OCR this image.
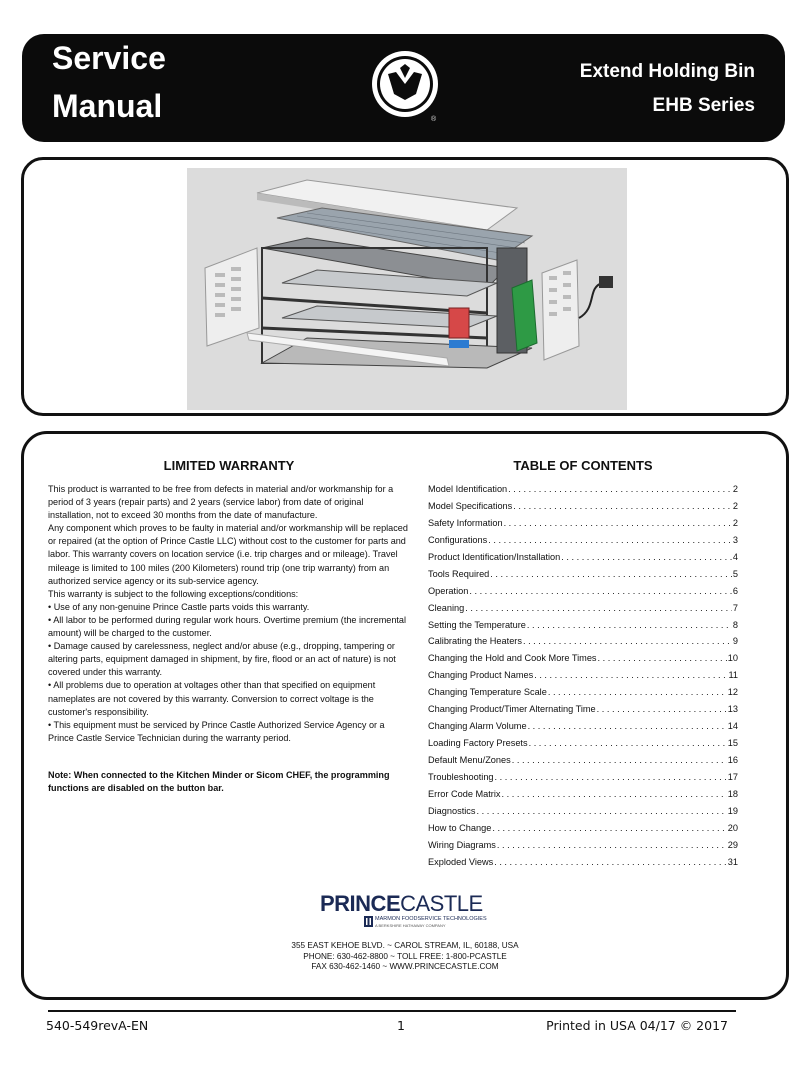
Service
Manual	®
Extend Holding Bin
EHB Series
LIMITED WARRANTY

This product is warranted to be free from defects in material and/or workmanship for a period of 3 years (repair parts) and 2 years (service labor) from date of original installation, not to exceed 30 months from the date of manufacture.

Any component which proves to be faulty in material and/or workmanship will be replaced or repaired (at the option of Prince Castle LLC) without cost to the customer for parts and labor. This warranty covers on location service (i.e. trip charges and or mileage). Travel mileage is limited to 100 miles (200 Kilometers) round trip (one trip warranty) from an authorized service agency or its sub-service agency.

This warranty is subject to the following exceptions/conditions:

• Use of any non-genuine Prince Castle parts voids this warranty.

• All labor to be performed during regular work hours. Overtime premium (the incremental amount) will be charged to the customer.

• Damage caused by carelessness, neglect and/or abuse (e.g., dropping, tampering or altering parts, equipment damaged in shipment, by fire, flood or an act of nature) is not covered under this warranty.

• All problems due to operation at voltages other than that specified on equipment nameplates are not covered by this warranty. Conversion to correct voltage is the customer's responsibility.

• This equipment must be serviced by Prince Castle Authorized Service Agency or a Prince Castle Service Technician during the warranty period.

Note: When connected to the Kitchen Minder or Sicom CHEF, the programming functions are disabled on the button bar.

TABLE OF CONTENTS
Model Identification . . .	2
Model Specifications . . .	2
Safety Information . . .	2
Configurations . . .	3
Product Identification/Installation . . .	4
Tools Required . . .	5
Operation . . .	6
Cleaning . . .	7
Setting the Temperature . . .	8
Calibrating the Heaters . . .	9
Changing the Hold and Cook More Times . . .	10
Changing Product Names . . .	11
Changing Temperature Scale . . .	12
Changing Product/Timer Alternating Time . . .	13
Changing Alarm Volume . . .	14
Loading Factory Presets . . .	15
Default Menu/Zones . . .	16
Troubleshooting . . .	17
Error Code Matrix . . .	18
Diagnostics . . .	19
How to Change . . .	20
Wiring Diagrams . . .	29
Exploded Views . . .	31
PRINCECASTLE
MARMON FOODSERVICE TECHNOLOGIES
A BERKSHIRE HATHAWAY COMPANY
355 EAST KEHOE BLVD. ~ CAROL STREAM, IL, 60188, USA
PHONE: 630-462-8800 ~ TOLL FREE: 1-800-PCASTLE
FAX 630-462-1460 ~ WWW.PRINCECASTLE.COM
540-549revA-EN	1	Printed in USA 04/17 © 2017
